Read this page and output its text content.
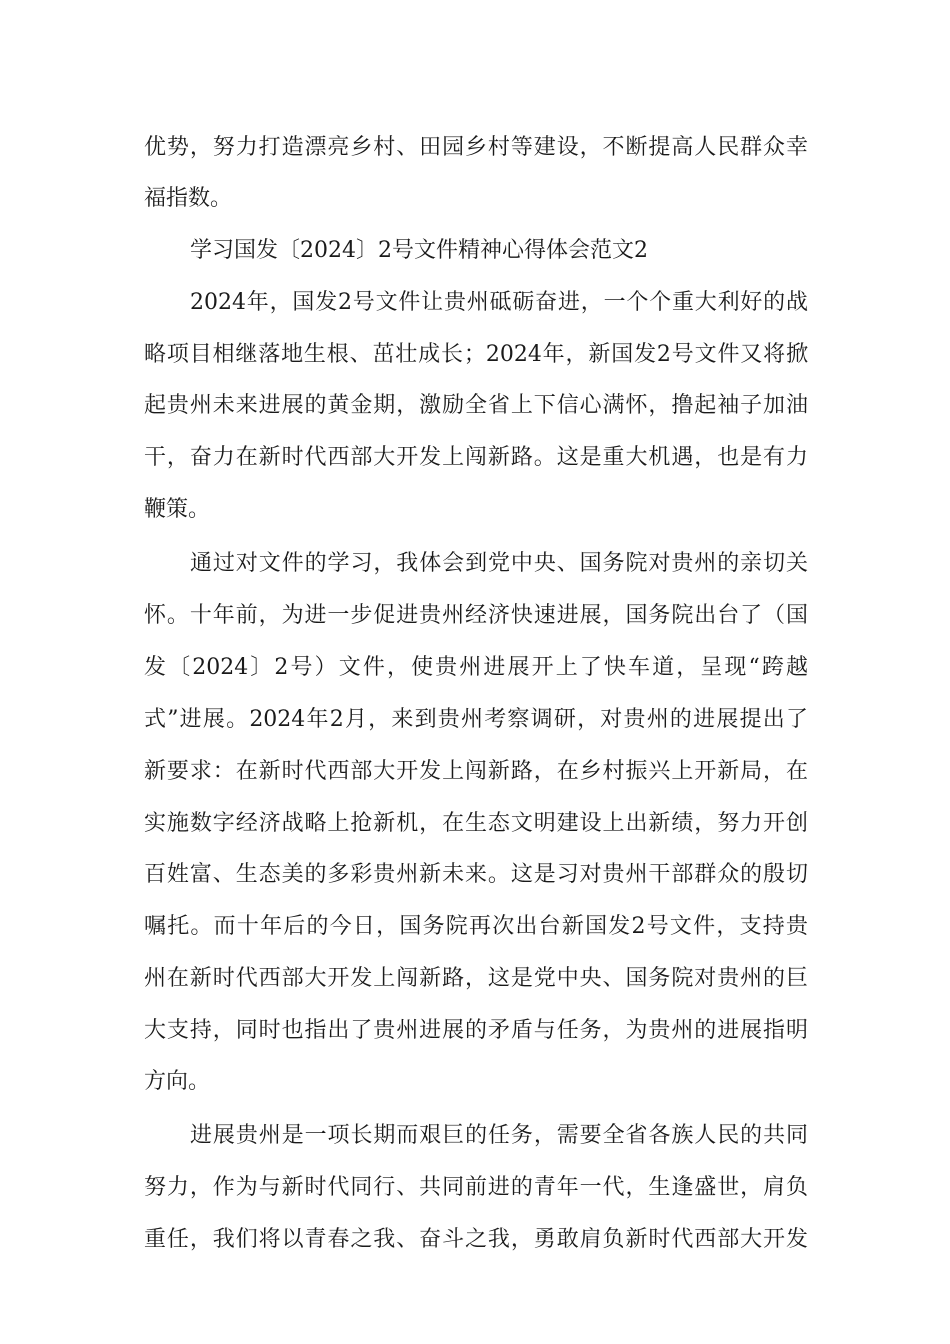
优势，努力打造漂亮乡村、田园乡村等建设，不断提高人民群众幸
福指数。
学习国发〔2024〕2号文件精神心得体会范文2
2024年，国发2号文件让贵州砥砺奋进，一个个重大利好的战
略项目相继落地生根、茁壮成长；2024年，新国发2号文件又将掀
起贵州未来进展的黄金期，激励全省上下信心满怀，撸起袖子加油
干，奋力在新时代西部大开发上闯新路。这是重大机遇，也是有力
鞭策。
通过对文件的学习，我体会到党中央、国务院对贵州的亲切关
怀。十年前，为进一步促进贵州经济快速进展，国务院出台了（国
发〔2024〕2号）文件，使贵州进展开上了快车道，呈现“跨越
式”进展。2024年2月，来到贵州考察调研，对贵州的进展提出了
新要求：在新时代西部大开发上闯新路，在乡村振兴上开新局，在
实施数字经济战略上抢新机，在生态文明建设上出新绩，努力开创
百姓富、生态美的多彩贵州新未来。这是习对贵州干部群众的殷切
嘱托。而十年后的今日，国务院再次出台新国发2号文件，支持贵
州在新时代西部大开发上闯新路，这是党中央、国务院对贵州的巨
大支持，同时也指出了贵州进展的矛盾与任务，为贵州的进展指明
方向。
进展贵州是一项长期而艰巨的任务，需要全省各族人民的共同
努力，作为与新时代同行、共同前进的青年一代，生逢盛世，肩负
重任，我们将以青春之我、奋斗之我，勇敢肩负新时代西部大开发
